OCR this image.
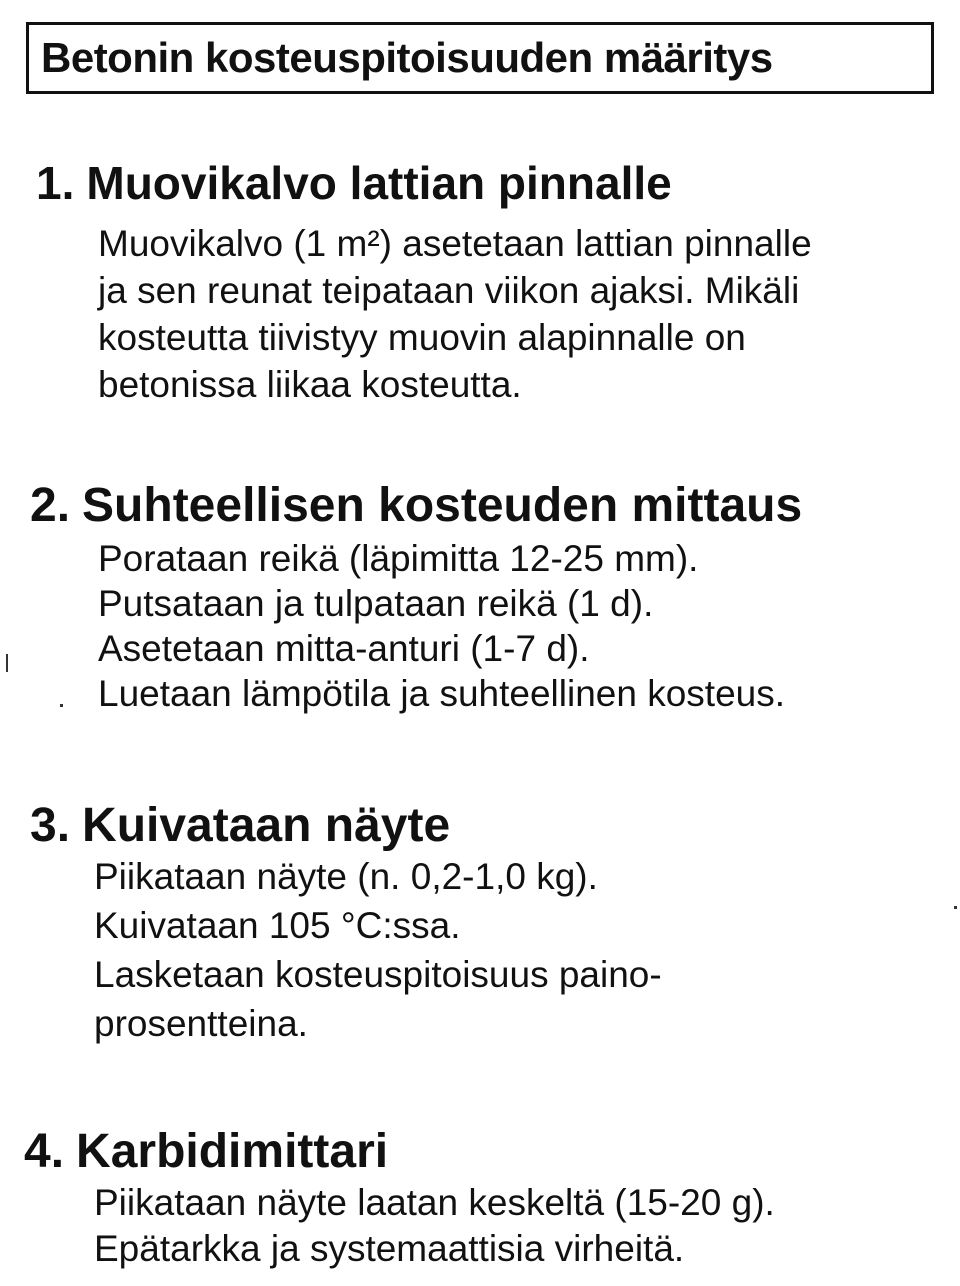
Betonin kosteuspitoisuuden määritys
1. Muovikalvo lattian pinnalle
Muovikalvo (1 m²) asetetaan lattian pinnalle
ja sen reunat teipataan viikon ajaksi. Mikäli
kosteutta tiivistyy muovin alapinnalle on
betonissa liikaa kosteutta.
2. Suhteellisen kosteuden mittaus
Porataan reikä (läpimitta 12-25 mm).
Putsataan ja tulpataan reikä (1 d).
Asetetaan mitta-anturi (1-7 d).
Luetaan lämpötila ja suhteellinen kosteus.
3. Kuivataan näyte
Piikataan näyte (n. 0,2-1,0 kg).
Kuivataan 105 °C:ssa.
Lasketaan kosteuspitoisuus paino-
prosentteina.
4. Karbidimittari
Piikataan näyte laatan keskeltä (15-20 g).
Epätarkka ja systemaattisia virheitä.
